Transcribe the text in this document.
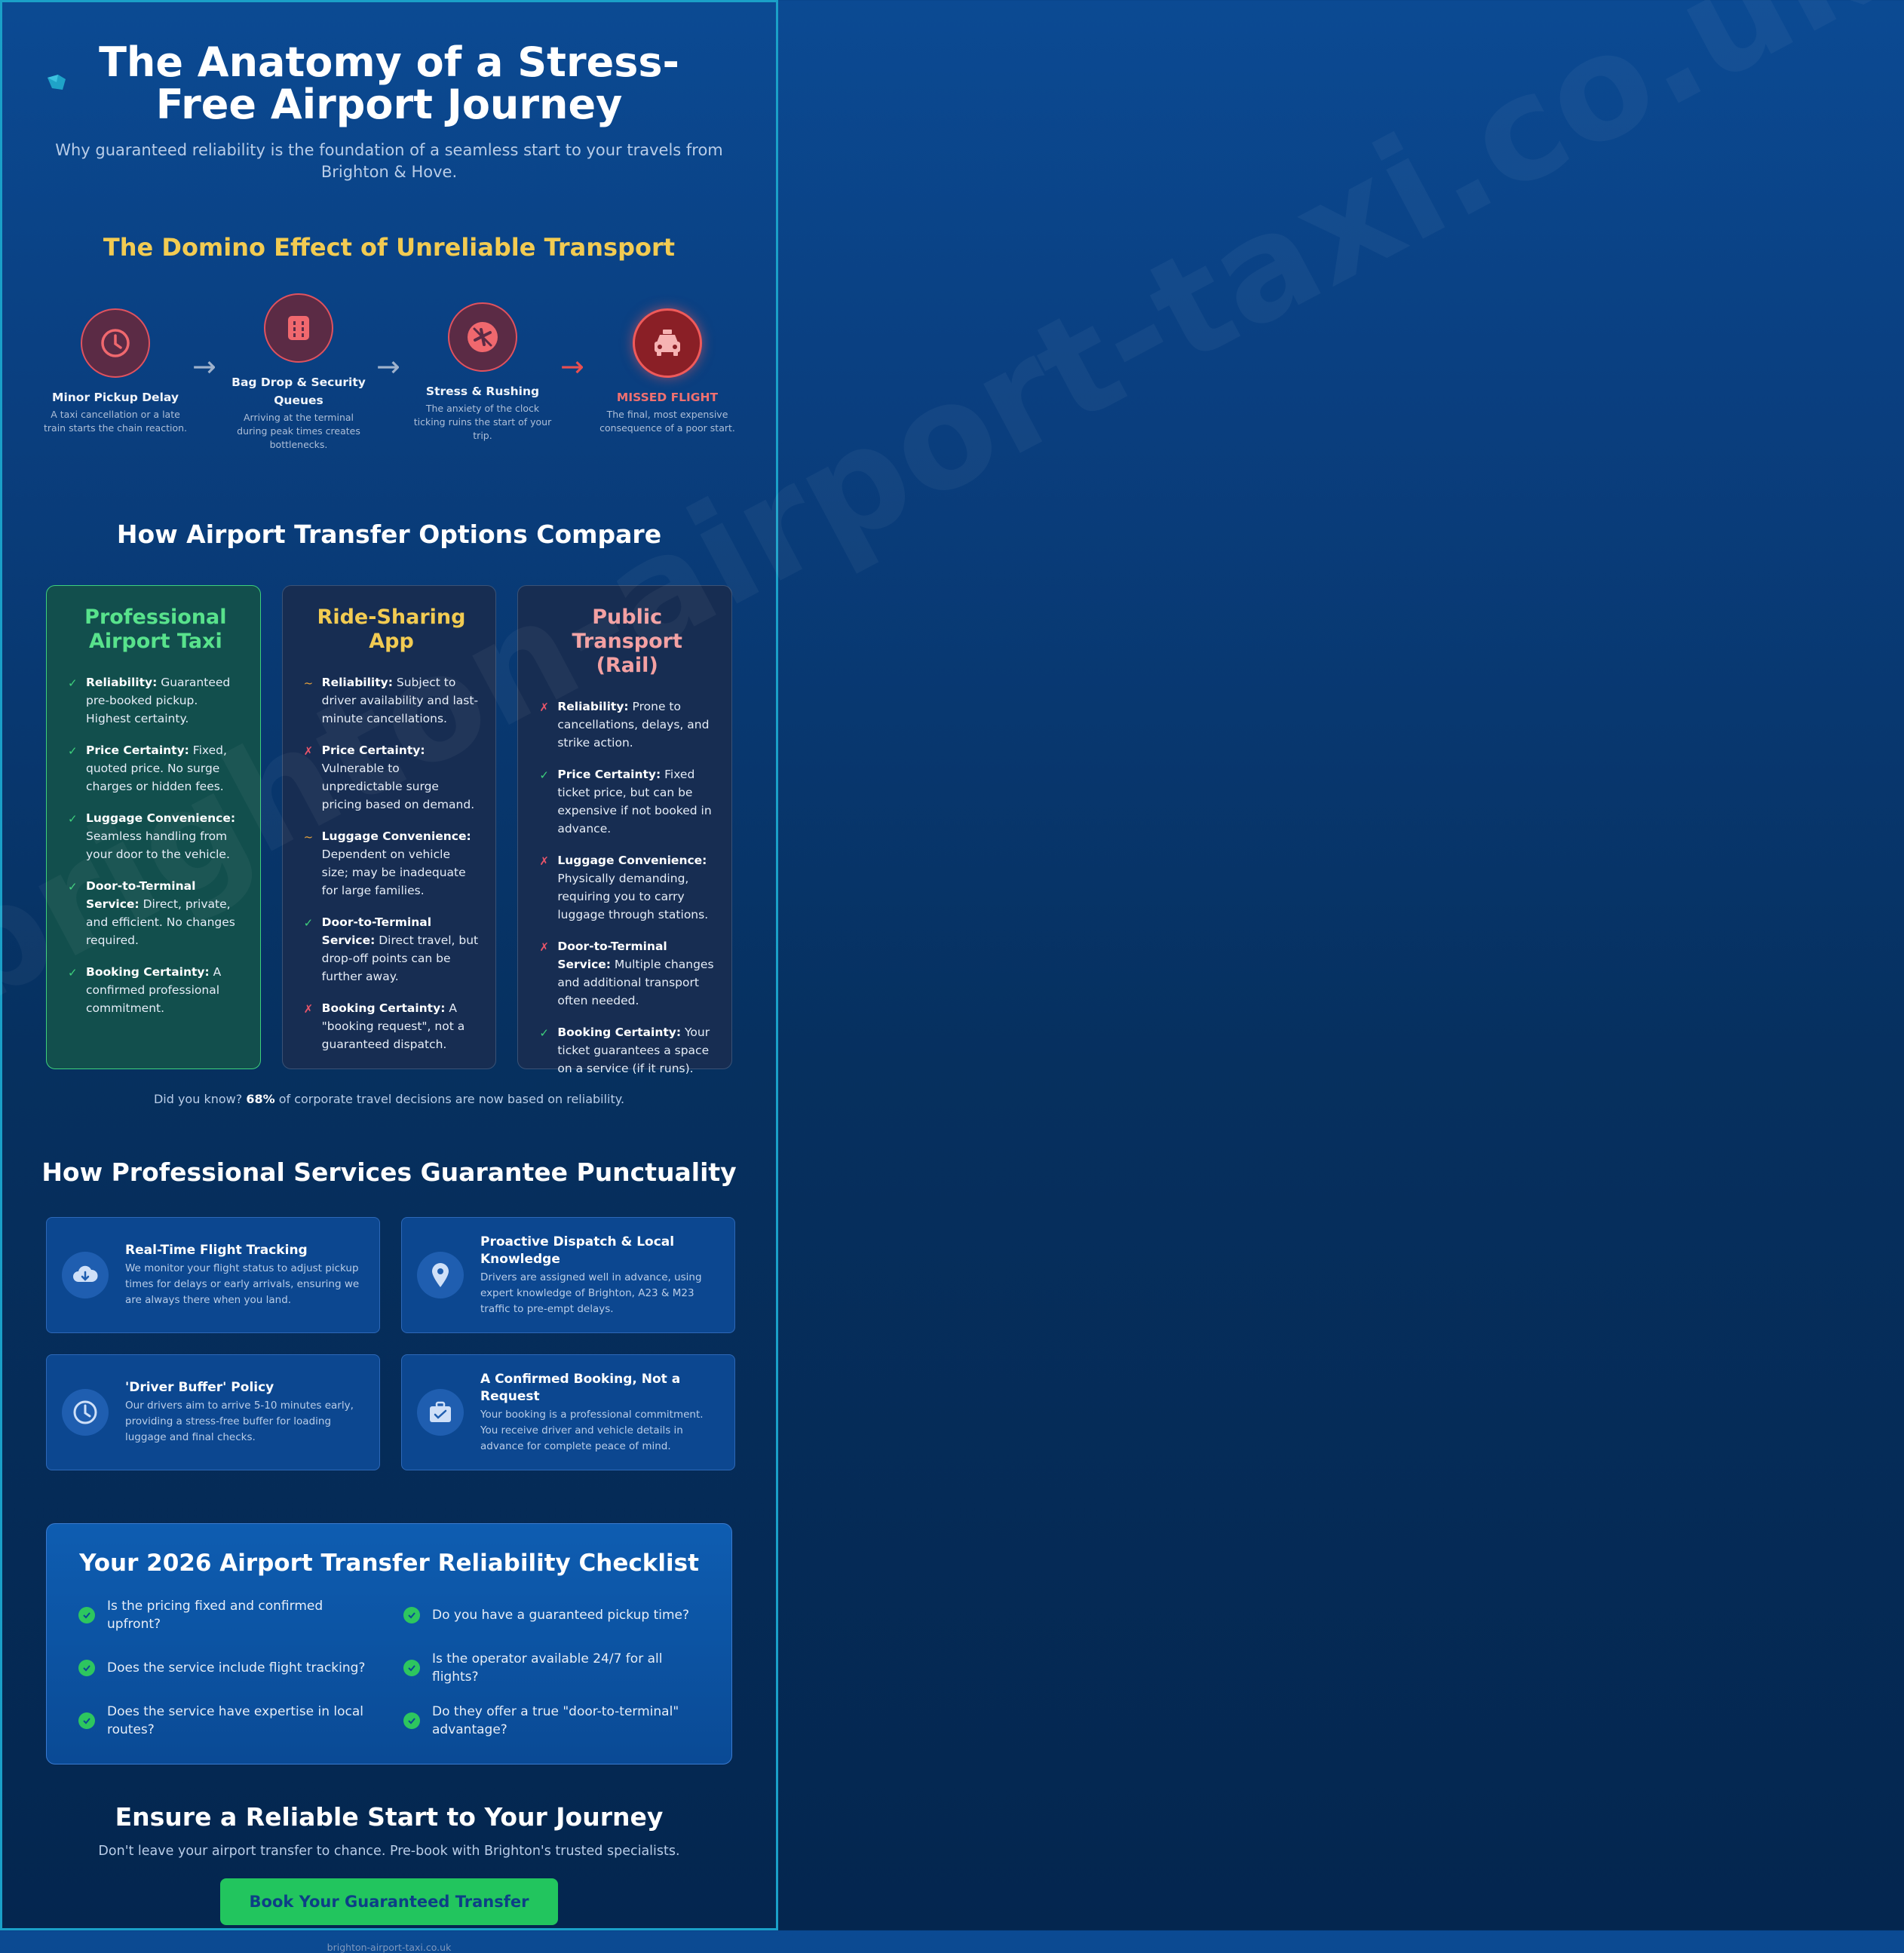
The Anatomy of a Stress-Free Airport Journey

Why guaranteed reliability is the foundation of a seamless start to your travels from Brighton & Hove.

The Domino Effect of Unreliable Transport
Minor Pickup Delay
A taxi cancellation or a late train starts the chain reaction.
→	Bag Drop & Security Queues
Arriving at the terminal during peak times creates bottlenecks.
→
Stress & Rushing
The anxiety of the clock ticking ruins the start of your trip.
→
MISSED FLIGHT
The final, most expensive consequence of a poor start.
How Airport Transfer Options Compare
Professional Airport Taxi
✓ Reliability: Guaranteed pre-booked pickup. Highest certainty.
✓ Price Certainty: Fixed, quoted price. No surge charges or hidden fees.
✓ Luggage Convenience: Seamless handling from your door to the vehicle.
✓ Door-to-Terminal Service: Direct, private, and efficient. No changes required.
✓ Booking Certainty: A confirmed professional commitment.
Ride-Sharing App
~ Reliability: Subject to driver availability and last-minute cancellations.
✗ Price Certainty: Vulnerable to unpredictable surge pricing based on demand.
~ Luggage Convenience: Dependent on vehicle size; may be inadequate for large families.
✓ Door-to-Terminal Service: Direct travel, but drop-off points can be further away.
✗ Booking Certainty: A "booking request", not a guaranteed dispatch.
Public Transport (Rail)
✗ Reliability: Prone to cancellations, delays, and strike action.
✓ Price Certainty: Fixed ticket price, but can be expensive if not booked in advance.
✗ Luggage Convenience: Physically demanding, requiring you to carry luggage through stations.
✗ Door-to-Terminal Service: Multiple changes and additional transport often needed.
✓ Booking Certainty: Your ticket guarantees a space on a service (if it runs).

Did you know? 68% of corporate travel decisions are now based on reliability.

How Professional Services Guarantee Punctuality
Real-Time Flight Tracking
We monitor your flight status to adjust pickup times for delays or early arrivals, ensuring we are always there when you land.
Proactive Dispatch & Local Knowledge
Drivers are assigned well in advance, using expert knowledge of Brighton, A23 & M23 traffic to pre-empt delays.
'Driver Buffer' Policy
Our drivers aim to arrive 5-10 minutes early, providing a stress-free buffer for loading luggage and final checks.
A Confirmed Booking, Not a Request
Your booking is a professional commitment. You receive driver and vehicle details in advance for complete peace of mind.
Your 2026 Airport Transfer Reliability Checklist
Is the pricing fixed and confirmed upfront?
Do you have a guaranteed pickup time?
Does the service include flight tracking?
Is the operator available 24/7 for all flights?
Does the service have expertise in local routes?
Do they offer a true "door-to-terminal" advantage?
Ensure a Reliable Start to Your Journey

Don't leave your airport transfer to chance. Pre-book with Brighton's trusted specialists.

Book Your Guaranteed Transfer

brighton-airport-taxi.co.uk
